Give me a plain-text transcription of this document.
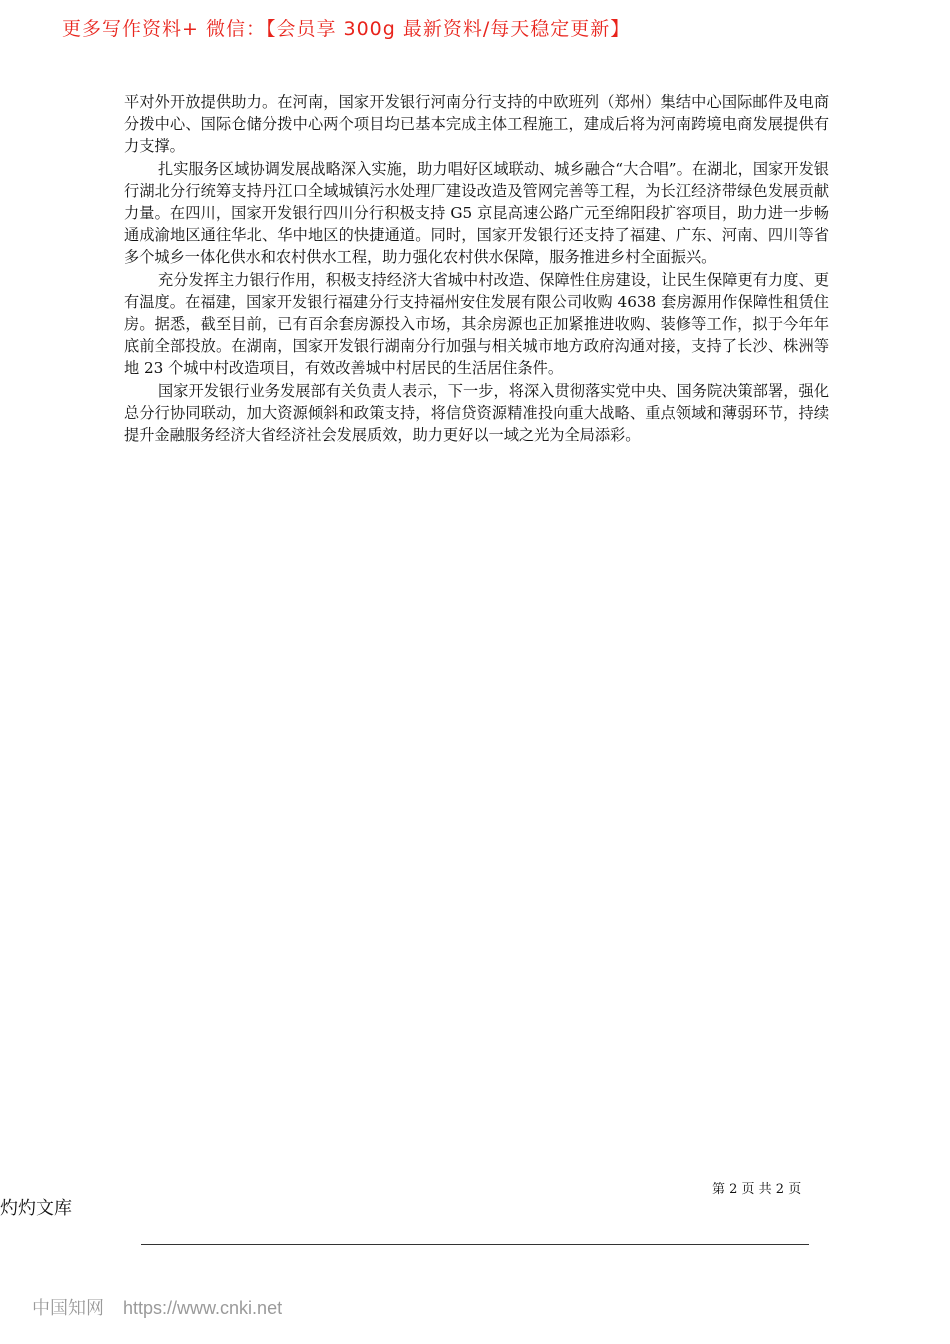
更多写作资料+ 微信：【会员享 300g 最新资料/每天稳定更新】

平对外开放提供助力。在河南，国家开发银行河南分行支持的中欧班列（郑州）集结中心国际邮件及电商分拨中心、国际仓储分拨中心两个项目均已基本完成主体工程施工，建成后将为河南跨境电商发展提供有力支撑。

扎实服务区域协调发展战略深入实施，助力唱好区域联动、城乡融合“大合唱”。在湖北，国家开发银行湖北分行统筹支持丹江口全域城镇污水处理厂建设改造及管网完善等工程，为长江经济带绿色发展贡献力量。在四川，国家开发银行四川分行积极支持 G5 京昆高速公路广元至绵阳段扩容项目，助力进一步畅通成渝地区通往华北、华中地区的快捷通道。同时，国家开发银行还支持了福建、广东、河南、四川等省多个城乡一体化供水和农村供水工程，助力强化农村供水保障，服务推进乡村全面振兴。

充分发挥主力银行作用，积极支持经济大省城中村改造、保障性住房建设，让民生保障更有力度、更有温度。在福建，国家开发银行福建分行支持福州安住发展有限公司收购 4638 套房源用作保障性租赁住房。据悉，截至目前，已有百余套房源投入市场，其余房源也正加紧推进收购、装修等工作，拟于今年年底前全部投放。在湖南，国家开发银行湖南分行加强与相关城市地方政府沟通对接，支持了长沙、株洲等地 23 个城中村改造项目，有效改善城中村居民的生活居住条件。

国家开发银行业务发展部有关负责人表示，下一步，将深入贯彻落实党中央、国务院决策部署，强化总分行协同联动，加大资源倾斜和政策支持，将信贷资源精准投向重大战略、重点领域和薄弱环节，持续提升金融服务经济大省经济社会发展质效，助力更好以一域之光为全局添彩。

第 2 页 共 2 页
灼灼文库
中国知网 https://www.cnki.net
